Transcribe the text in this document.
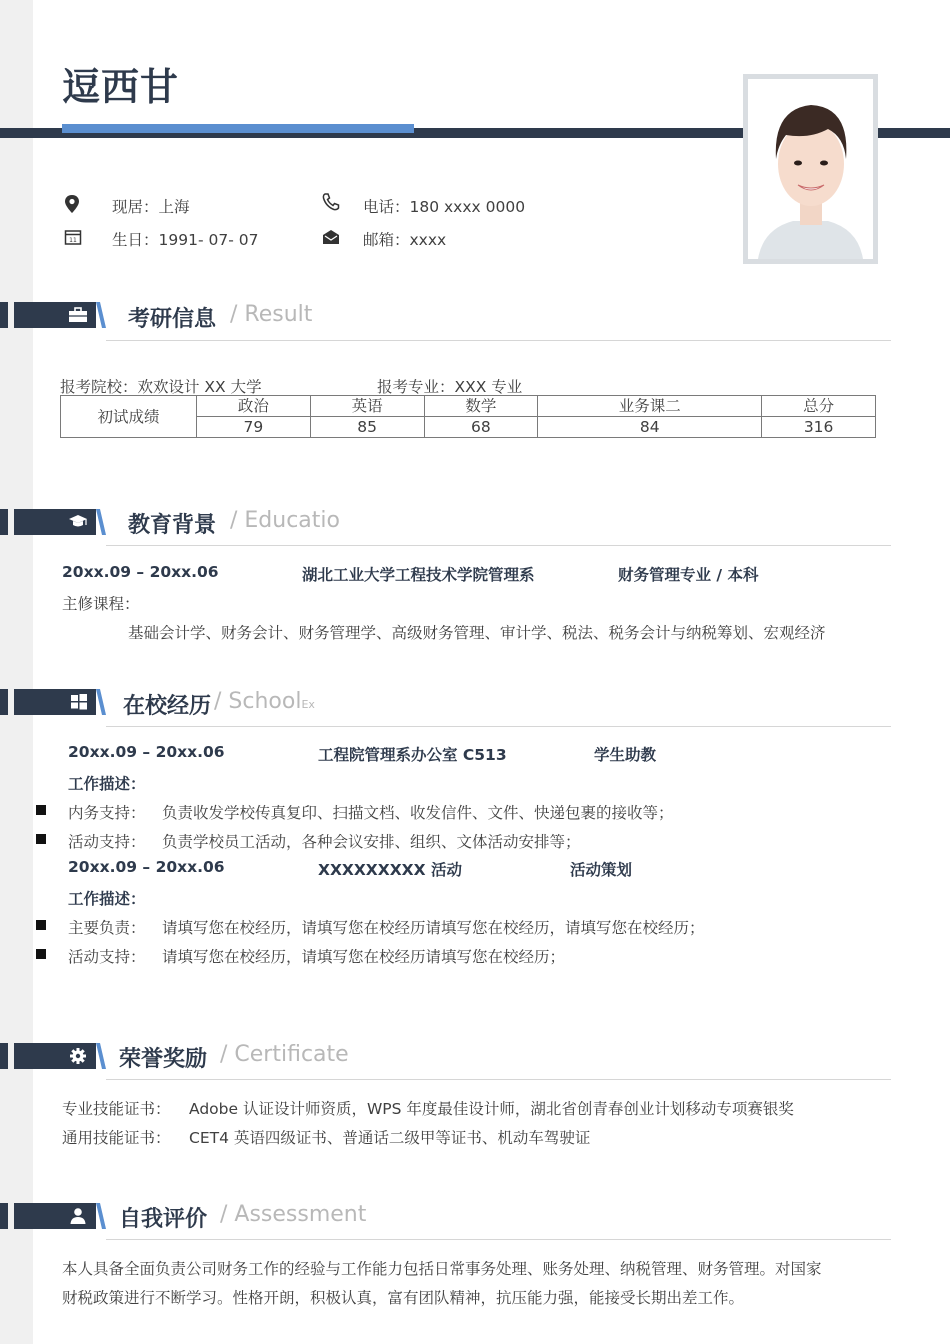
逗西甘
现居：上海	电话：180 xxxx 0000
11 生日：1991- 07- 07	邮箱：xxxx
考研信息 / Result
报考院校：欢欢设计 XX 大学	报考专业：XXX 专业
初试成绩	政治	英语	数学	业务课二	总分
	79	85	68	84	316
教育背景 / Educatio
20xx.09 – 20xx.06	湖北工业大学工程技术学院管理系	财务管理专业 / 本科
主修课程：
基础会计学、财务会计、财务管理学、高级财务管理、审计学、税法、税务会计与纳税筹划、宏观经济
在校经历 / SchoolEx
20xx.09 – 20xx.06	工程院管理系办公室 C513	学生助教
工作描述：
内务支持： 负责收发学校传真复印、扫描文档、收发信件、文件、快递包裹的接收等；
活动支持： 负责学校员工活动，各种会议安排、组织、文体活动安排等；
20xx.09 – 20xx.06	XXXXXXXXX 活动	活动策划
工作描述：
主要负责： 请填写您在校经历，请填写您在校经历请填写您在校经历，请填写您在校经历；
活动支持： 请填写您在校经历，请填写您在校经历请填写您在校经历；
荣誉奖励 / Certificate
专业技能证书： Adobe 认证设计师资质，WPS 年度最佳设计师，湖北省创青春创业计划移动专项赛银奖
通用技能证书： CET4 英语四级证书、普通话二级甲等证书、机动车驾驶证
自我评价 / Assessment
本人具备全面负责公司财务工作的经验与工作能力包括日常事务处理、账务处理、纳税管理、财务管理。对国家
财税政策进行不断学习。性格开朗，积极认真，富有团队精神，抗压能力强，能接受长期出差工作。
